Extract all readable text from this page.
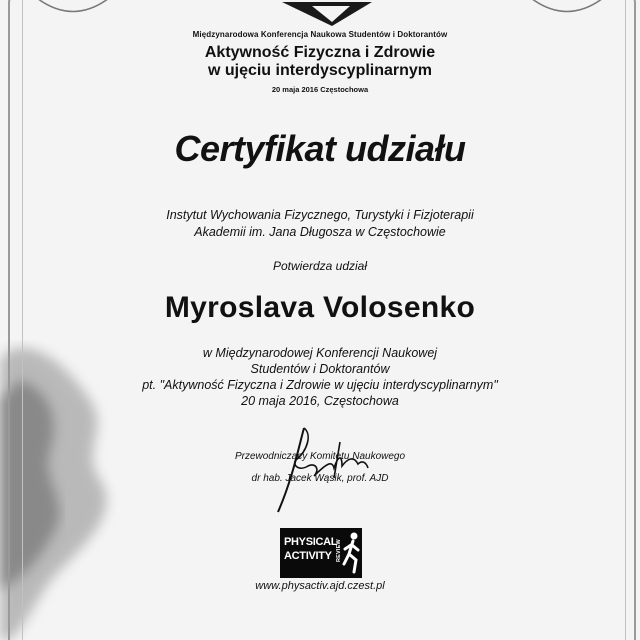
Międzynarodowa Konferencja Naukowa Studentów i Doktorantów
Aktywność Fizyczna i Zdrowie
w ujęciu interdyscyplinarnym
20 maja 2016 Częstochowa
Certyfikat udziału
Instytut Wychowania Fizycznego, Turystyki i Fizjoterapii
Akademii im. Jana Długosza w Częstochowie
Potwierdza udział
Myroslava Volosenko
w Międzynarodowej Konferencji Naukowej
Studentów i Doktorantów
pt. "Aktywność Fizyczna i Zdrowie w ujęciu interdyscyplinarnym"
20 maja 2016, Częstochowa
Przewodniczący Komitetu Naukowego
dr hab. Jacek Wąsik, prof. AJD
PHYSICAL
ACTIVITY REVIEW
www.physactiv.ajd.czest.pl
